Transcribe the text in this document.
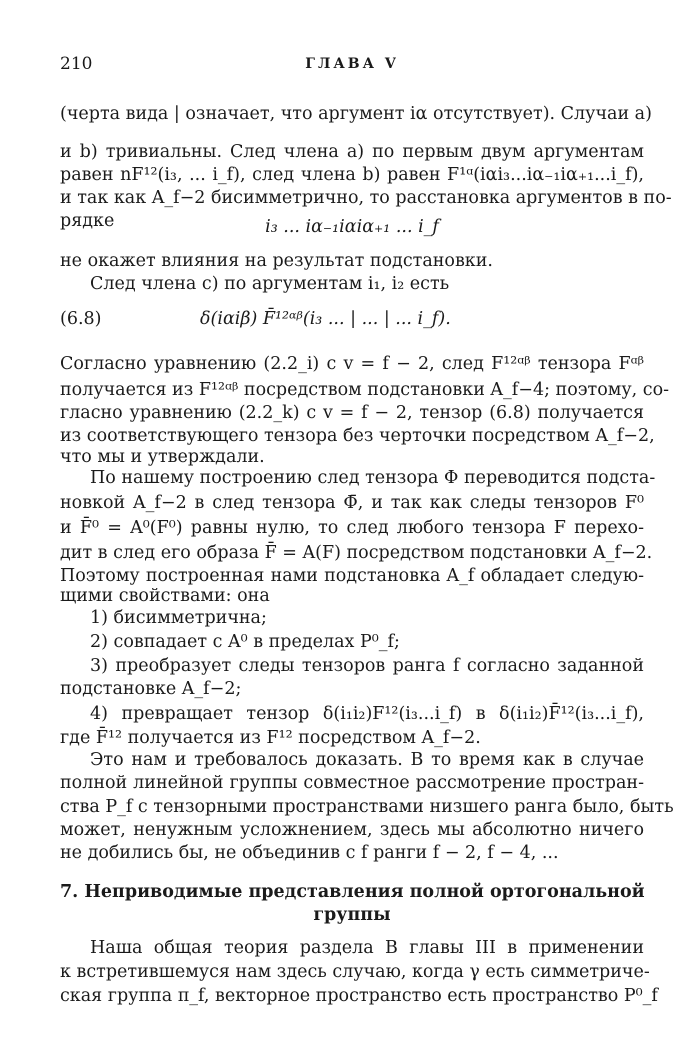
210	ГЛАВА V
(черта вида | означает, что аргумент iα отсутствует). Случаи а)
и b) тривиальны. След члена а) по первым двум аргументам
равен nF¹²(i₃, ... i_f), след члена b) равен F¹ᵅ(iαi₃...iα₋₁iα₊₁...i_f),
и так как A_f−2 бисимметрично, то расстановка аргументов в по-
рядке	i₃ ... iα₋₁iαiα₊₁ ... i_f
не окажет влияния на результат подстановки.
След члена с) по аргументам i₁, i₂ есть
(6.8)	δ(iαiβ) F̄¹²ᵅᵝ(i₃ ... | ... | ... i_f).
Согласно уравнению (2.2_i) с v = f − 2, след F¹²ᵅᵝ тензора Fᵅᵝ
получается из F¹²ᵅᵝ посредством подстановки A_f−4; поэтому, со-
гласно уравнению (2.2_k) с v = f − 2, тензор (6.8) получается
из соответствующего тензора без черточки посредством A_f−2,
что мы и утверждали.
По нашему построению след тензора Φ переводится подста-
новкой A_f−2 в след тензора Φ̄, и так как следы тензоров F⁰
и F̄⁰ = A⁰(F⁰) равны нулю, то след любого тензора F перехо-
дит в след его образа F̄ = A(F) посредством подстановки A_f−2.
Поэтому построенная нами подстановка A_f обладает следую-
щими свойствами: она
1) бисимметрична;
2) совпадает с A⁰ в пределах P⁰_f;
3) преобразует следы тензоров ранга f согласно заданной
подстановке A_f−2;
4) превращает тензор δ(i₁i₂)F¹²(i₃...i_f) в δ(i₁i₂)F̄¹²(i₃...i_f),
где F̄¹² получается из F¹² посредством A_f−2.
Это нам и требовалось доказать. В то время как в случае
полной линейной группы совместное рассмотрение простран-
ства P_f с тензорными пространствами низшего ранга было, быть
может, ненужным усложнением, здесь мы абсолютно ничего
не добились бы, не объединив с f ранги f − 2, f − 4, ...
7. Неприводимые представления полной ортогональной
группы
Наша общая теория раздела В главы III в применении
к встретившемуся нам здесь случаю, когда γ есть симметриче-
ская группа π_f, векторное пространство есть пространство P⁰_f
